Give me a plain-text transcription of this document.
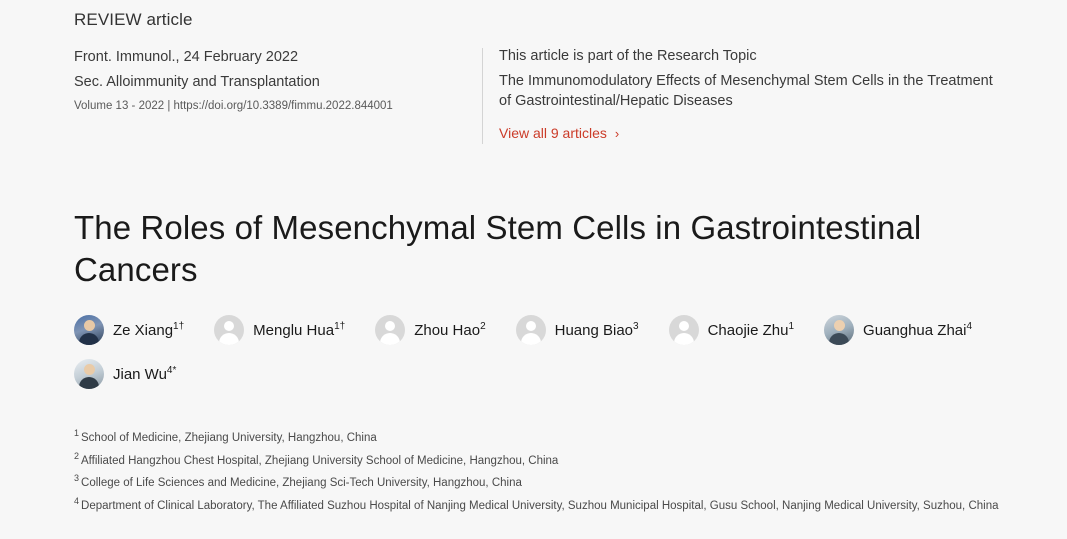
REVIEW article
Front. Immunol., 24 February 2022
Sec. Alloimmunity and Transplantation
Volume 13 - 2022 | https://doi.org/10.3389/fimmu.2022.844001
This article is part of the Research Topic
The Immunomodulatory Effects of Mesenchymal Stem Cells in the Treatment of Gastrointestinal/Hepatic Diseases
View all 9 articles ›
The Roles of Mesenchymal Stem Cells in Gastrointestinal Cancers
Ze Xiang$^{1\dagger}$	Menglu Hua$^{1\dagger}$	Zhou Hao$^2$	Huang Biao$^3$	Chaojie Zhu$^1$	Guanghua Zhai$^4$
Jian $Wu^{4*}$
$^1$ School of Medicine, Zhejiang University, Hangzhou, China
$^2$ Affiliated Hangzhou Chest Hospital, Zhejiang University School of Medicine, Hangzhou, China
$^3$ College of Life Sciences and Medicine, Zhejiang Sci-Tech University, Hangzhou, China
$^4$ Department of Clinical Laboratory, The Affiliated Suzhou Hospital of Nanjing Medical University, Suzhou Municipal Hospital, Gusu School, Nanjing Medical University, Suzhou, China
